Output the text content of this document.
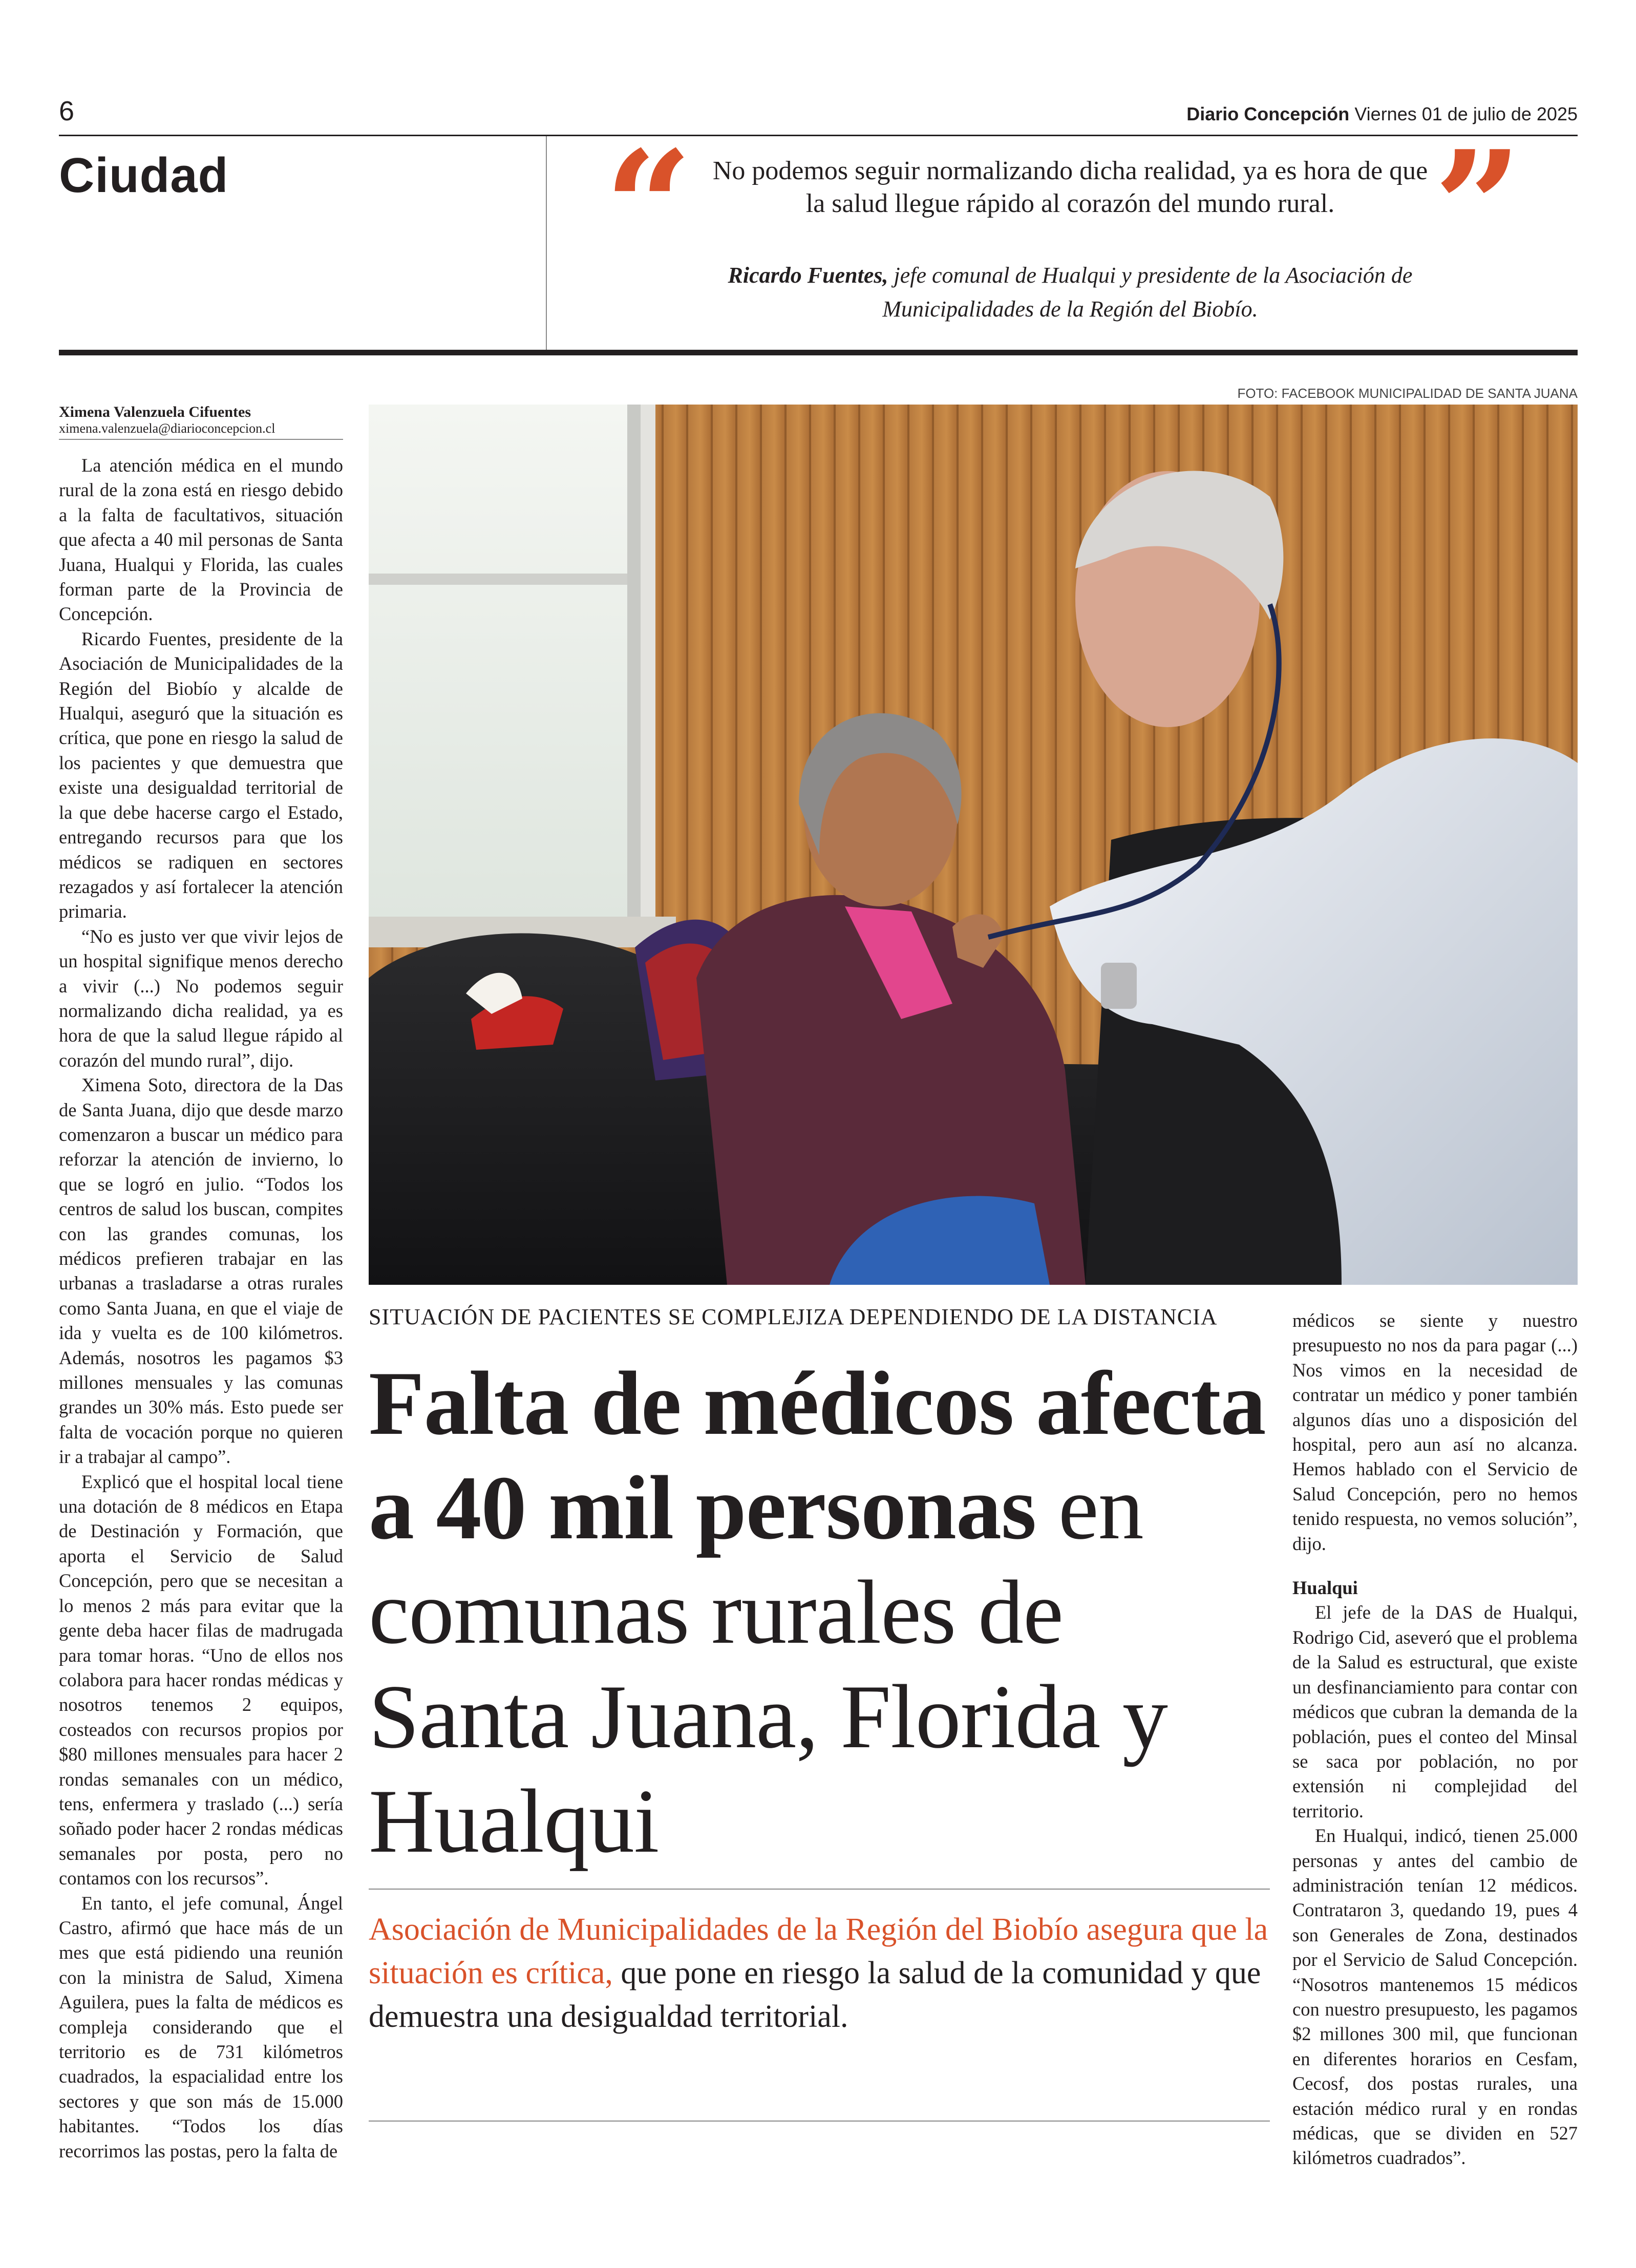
6	Diario Concepción Viernes 01 de julio de 2025
Ciudad “ No podemos seguir normalizando dicha realidad, ya es hora de que la salud llegue rápido al corazón del mundo rural. ”
Ricardo Fuentes, jefe comunal de Hualqui y presidente de la Asociación de Municipalidades de la Región del Biobío.
Ximena Valenzuela Cifuentes
ximena.valenzuela@diarioconcepcion.cl

La atención médica en el mundo rural de la zona está en riesgo debido a la falta de facultativos, situación que afecta a 40 mil personas de Santa Juana, Hualqui y Florida, las cuales forman parte de la Provincia de Concepción.

Ricardo Fuentes, presidente de la Asociación de Municipalidades de la Región del Biobío y alcalde de Hualqui, aseguró que la situación es crítica, que pone en riesgo la salud de los pacientes y que demuestra que existe una desigualdad territorial de la que debe hacerse cargo el Estado, entregando recursos para que los médicos se radiquen en sectores rezagados y así fortalecer la atención primaria.

“No es justo ver que vivir lejos de un hospital signifique menos derecho a vivir (...) No podemos seguir normalizando dicha realidad, ya es hora de que la salud llegue rápido al corazón del mundo rural”, dijo.

Ximena Soto, directora de la Das de Santa Juana, dijo que desde marzo comenzaron a buscar un médico para reforzar la atención de invierno, lo que se logró en julio. “Todos los centros de salud los buscan, compites con las grandes comunas, los médicos prefieren trabajar en las urbanas a trasladarse a otras rurales como Santa Juana, en que el viaje de ida y vuelta es de 100 kilómetros. Además, nosotros les pagamos $3 millones mensuales y las comunas grandes un 30% más. Esto puede ser falta de vocación porque no quieren ir a trabajar al campo”.

Explicó que el hospital local tiene una dotación de 8 médicos en Etapa de Destinación y Formación, que aporta el Servicio de Salud Concepción, pero que se necesitan a lo menos 2 más para evitar que la gente deba hacer filas de madrugada para tomar horas. “Uno de ellos nos colabora para hacer rondas médicas y nosotros tenemos 2 equipos, costeados con recursos propios por $80 millones mensuales para hacer 2 rondas semanales con un médico, tens, enfermera y traslado (...) sería soñado poder hacer 2 rondas médicas semanales por posta, pero no contamos con los recursos”.

En tanto, el jefe comunal, Ángel Castro, afirmó que hace más de un mes que está pidiendo una reunión con la ministra de Salud, Ximena Aguilera, pues la falta de médicos es compleja considerando que el territorio es de 731 kilómetros cuadrados, la espacialidad entre los sectores y que son más de 15.000 habitantes. “Todos los días recorrimos las postas, pero la falta de

FOTO: FACEBOOK MUNICIPALIDAD DE SANTA JUANA
SITUACIÓN DE PACIENTES SE COMPLEJIZA DEPENDIENDO DE LA DISTANCIA
Falta de médicos afecta a 40 mil personas en comunas rurales de Santa Juana, Florida y Hualqui
Asociación de Municipalidades de la Región del Biobío asegura que la situación es crítica, que pone en riesgo la salud de la comunidad y que demuestra una desigualdad territorial.

médicos se siente y nuestro presupuesto no nos da para pagar (...) Nos vimos en la necesidad de contratar un médico y poner también algunos días uno a disposición del hospital, pero aun así no alcanza. Hemos hablado con el Servicio de Salud Concepción, pero no hemos tenido respuesta, no vemos solución”, dijo.

Hualqui

El jefe de la DAS de Hualqui, Rodrigo Cid, aseveró que el problema de la Salud es estructural, que existe un desfinanciamiento para contar con médicos que cubran la demanda de la población, pues el conteo del Minsal se saca por población, no por extensión ni complejidad del territorio.

En Hualqui, indicó, tienen 25.000 personas y antes del cambio de administración tenían 12 médicos. Contrataron 3, quedando 19, pues 4 son Generales de Zona, destinados por el Servicio de Salud Concepción. “Nosotros mantenemos 15 médicos con nuestro presupuesto, les pagamos $2 millones 300 mil, que funcionan en diferentes horarios en Cesfam, Cecosf, dos postas rurales, una estación médico rural y en rondas médicas, que se dividen en 527 kilómetros cuadrados”.
